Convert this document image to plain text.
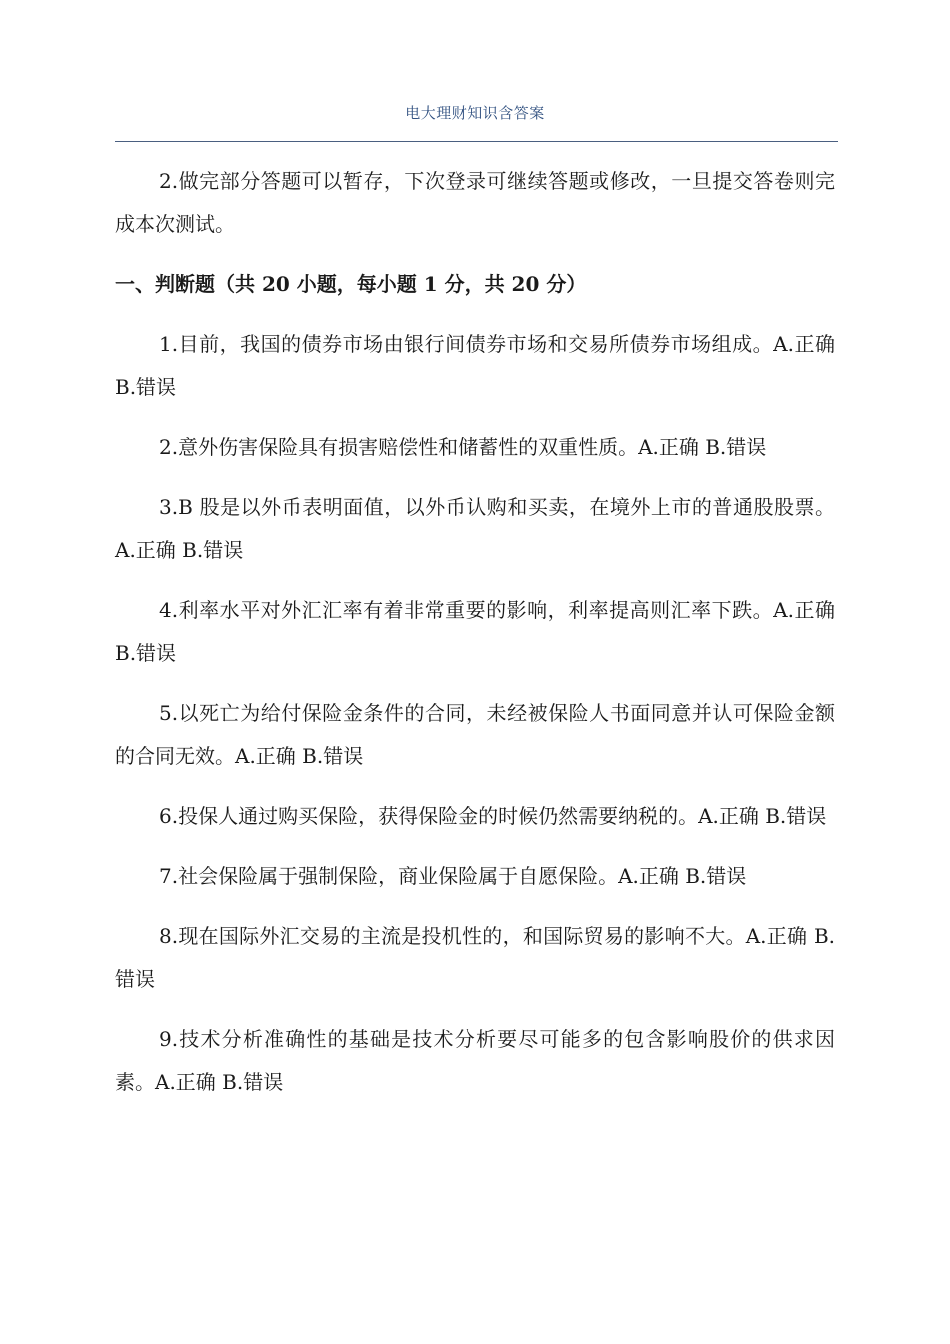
电大理财知识含答案

2.做完部分答题可以暂存，下次登录可继续答题或修改，一旦提交答卷则完成本次测试。

一、判断题（共 20 小题，每小题 1 分，共 20 分）

1.目前，我国的债券市场由银行间债券市场和交易所债券市场组成。A.正确 B.错误

2.意外伤害保险具有损害赔偿性和储蓄性的双重性质。A.正确 B.错误

3.B 股是以外币表明面值，以外币认购和买卖，在境外上市的普通股股票。A.正确 B.错误

4.利率水平对外汇汇率有着非常重要的影响，利率提高则汇率下跌。A.正确 B.错误

5.以死亡为给付保险金条件的合同，未经被保险人书面同意并认可保险金额的合同无效。A.正确 B.错误

6.投保人通过购买保险，获得保险金的时候仍然需要纳税的。A.正确 B.错误

7.社会保险属于强制保险，商业保险属于自愿保险。A.正确 B.错误

8.现在国际外汇交易的主流是投机性的，和国际贸易的影响不大。A.正确 B.错误

9.技术分析准确性的基础是技术分析要尽可能多的包含影响股价的供求因素。A.正确 B.错误
